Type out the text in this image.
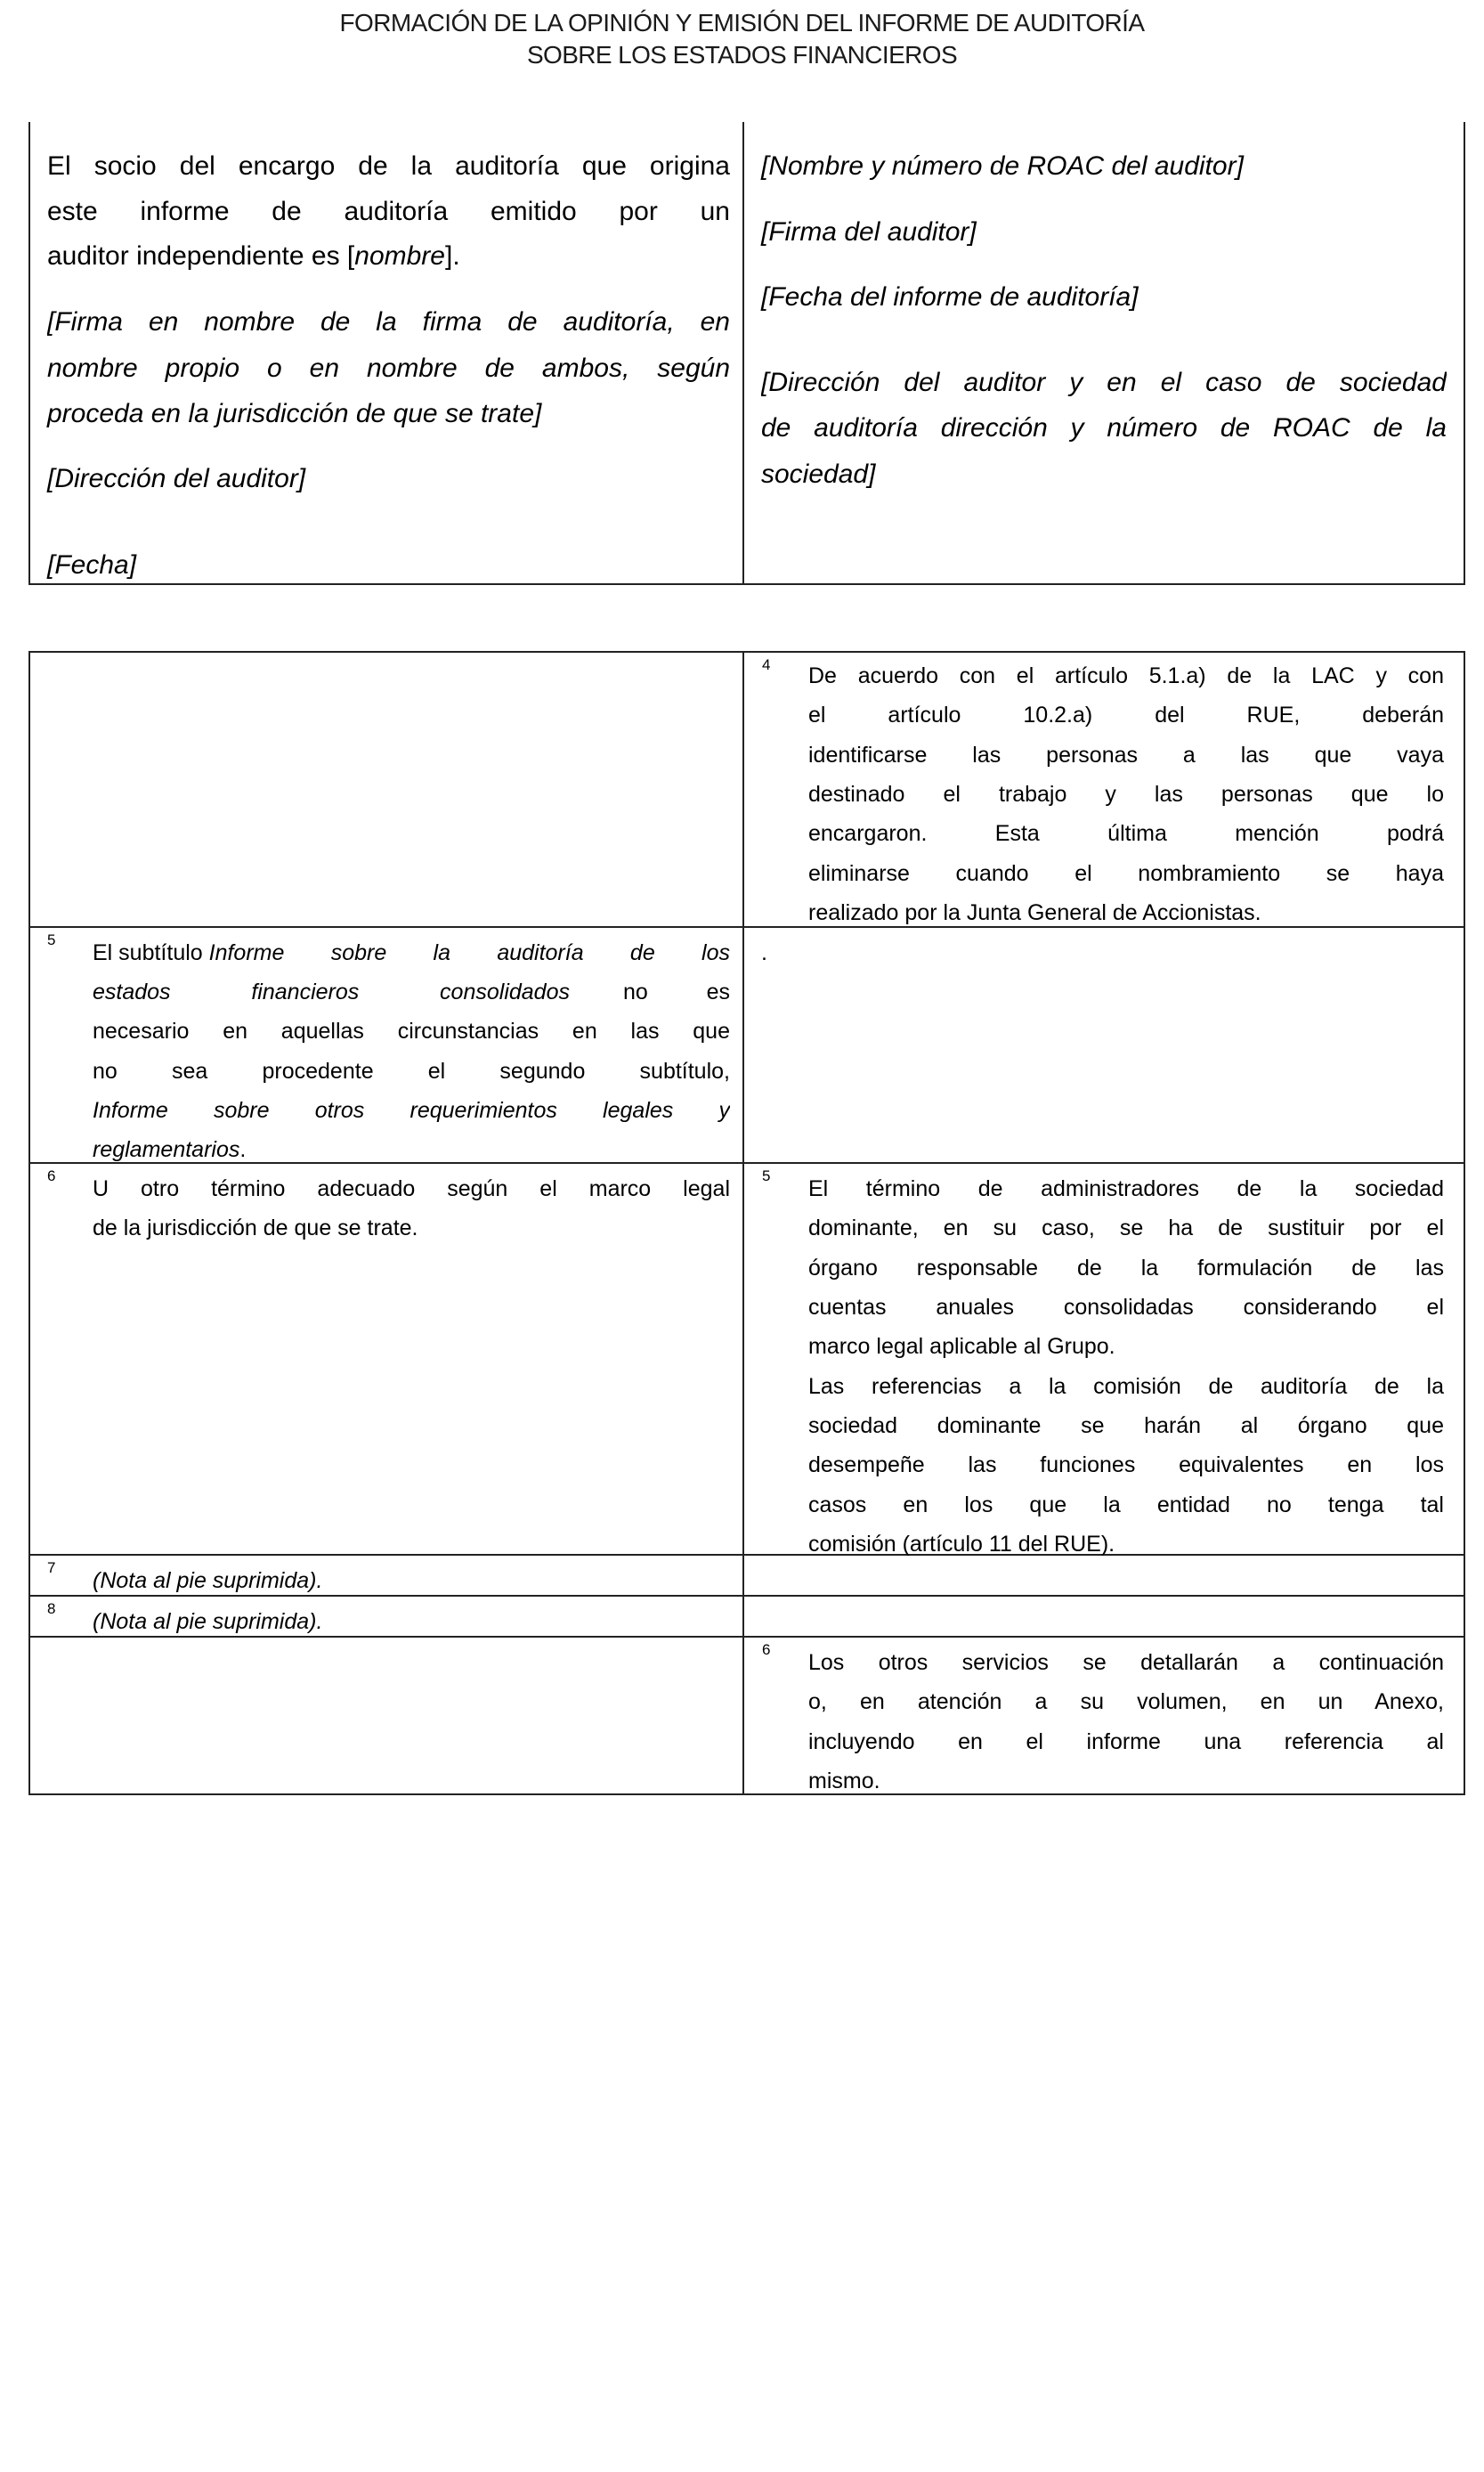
FORMACIÓN DE LA OPINIÓN Y EMISIÓN DEL INFORME DE AUDITORÍA
SOBRE LOS ESTADOS FINANCIEROS
El socio del encargo de la auditoría que origina
este informe de auditoría emitido por un
auditor independiente es [nombre].
[Firma en nombre de la firma de auditoría, en
nombre propio o en nombre de ambos, según
proceda en la jurisdicción de que se trate]
[Dirección del auditor]
[Fecha]
[Nombre y número de ROAC del auditor]
[Firma del auditor]
[Fecha del informe de auditoría]
[Dirección del auditor y en el caso de sociedad
de auditoría dirección y número de ROAC de la
sociedad]
4 De acuerdo con el artículo 5.1.a) de la LAC y con
el artículo 10.2.a) del RUE, deberán
identificarse las personas a las que vaya
destinado el trabajo y las personas que lo
encargaron. Esta última mención podrá
eliminarse cuando el nombramiento se haya
realizado por la Junta General de Accionistas.
5
El subtítulo Informe sobre la auditoría de los
estados financieros consolidados no es
necesario en aquellas circunstancias en las que
no sea procedente el segundo subtítulo,
Informe sobre otros requerimientos legales y
reglamentarios.
.
6
U otro término adecuado según el marco legal
de la jurisdicción de que se trate.
5
El término de administradores de la sociedad
dominante, en su caso, se ha de sustituir por el
órgano responsable de la formulación de las
cuentas anuales consolidadas considerando el
marco legal aplicable al Grupo.
Las referencias a la comisión de auditoría de la
sociedad dominante se harán al órgano que
desempeñe las funciones equivalentes en los
casos en los que la entidad no tenga tal
comisión (artículo 11 del RUE).
7
(Nota al pie suprimida).
8
(Nota al pie suprimida).
6
Los otros servicios se detallarán a continuación
o, en atención a su volumen, en un Anexo,
incluyendo en el informe una referencia al
mismo.
